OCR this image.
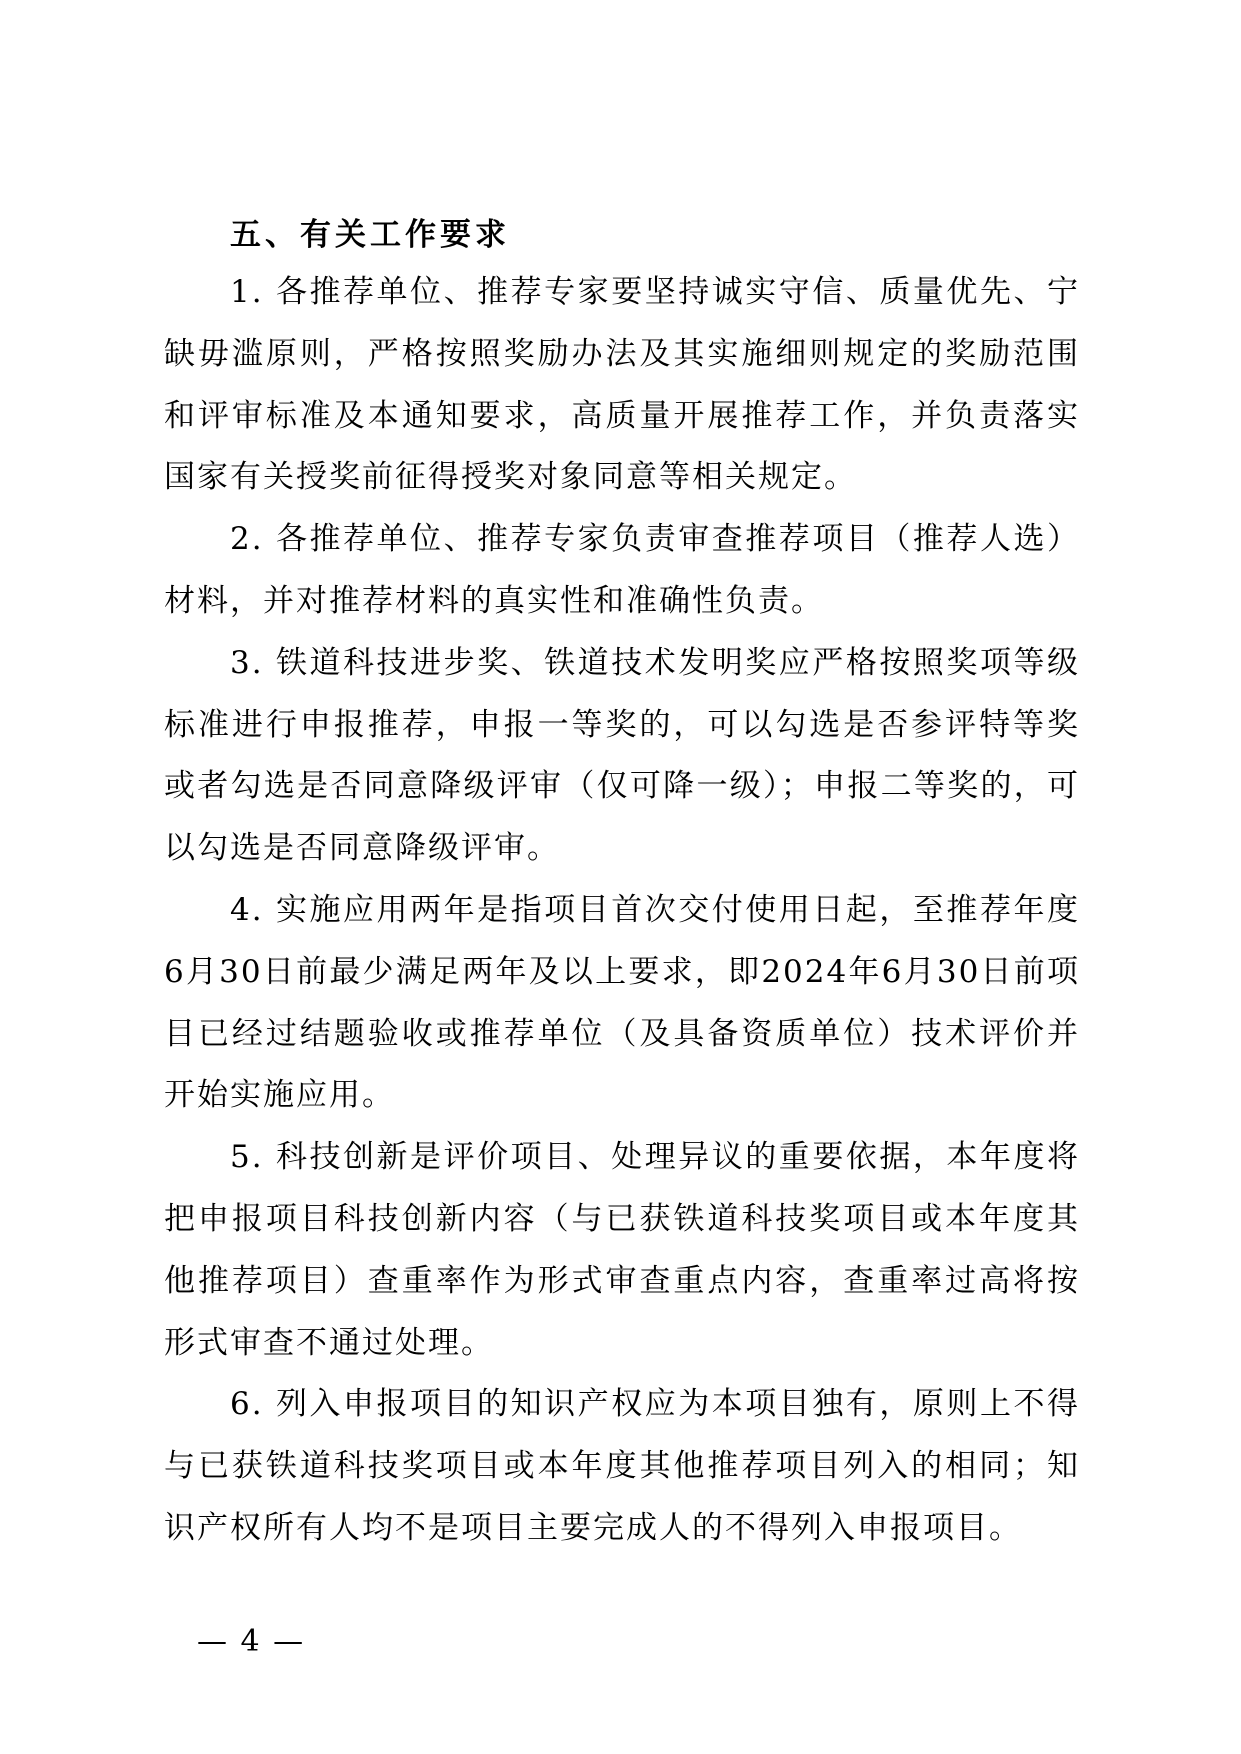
五、有关工作要求

1. 各推荐单位、推荐专家要坚持诚实守信、质量优先、宁缺毋滥原则，严格按照奖励办法及其实施细则规定的奖励范围和评审标准及本通知要求，高质量开展推荐工作，并负责落实国家有关授奖前征得授奖对象同意等相关规定。

2. 各推荐单位、推荐专家负责审查推荐项目（推荐人选）材料，并对推荐材料的真实性和准确性负责。

3. 铁道科技进步奖、铁道技术发明奖应严格按照奖项等级标准进行申报推荐，申报一等奖的，可以勾选是否参评特等奖或者勾选是否同意降级评审（仅可降一级）；申报二等奖的，可以勾选是否同意降级评审。

4. 实施应用两年是指项目首次交付使用日起，至推荐年度6月30日前最少满足两年及以上要求，即2024年6月30日前项目已经过结题验收或推荐单位（及具备资质单位）技术评价并开始实施应用。

5. 科技创新是评价项目、处理异议的重要依据，本年度将把申报项目科技创新内容（与已获铁道科技奖项目或本年度其他推荐项目）查重率作为形式审查重点内容，查重率过高将按形式审查不通过处理。

6. 列入申报项目的知识产权应为本项目独有，原则上不得与已获铁道科技奖项目或本年度其他推荐项目列入的相同；知识产权所有人均不是项目主要完成人的不得列入申报项目。

— 4 —
